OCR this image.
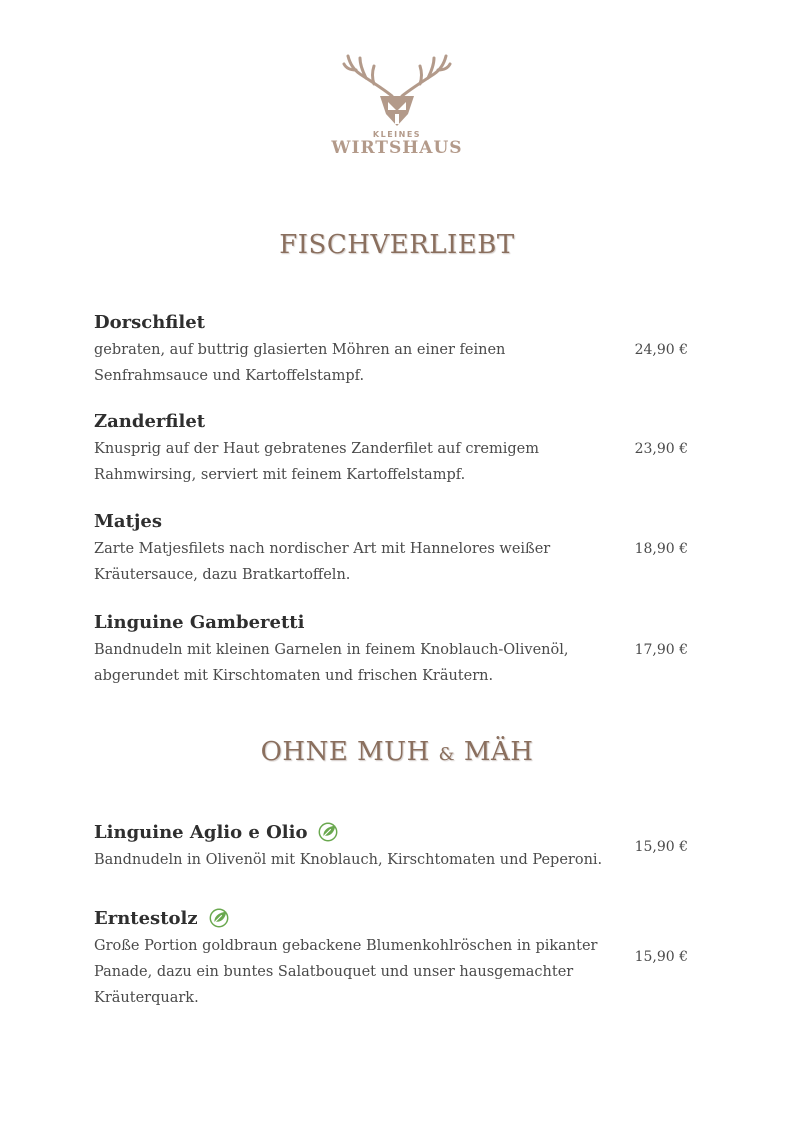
KLEINES
WIRTSHAUS
FISCHVERLIEBT
Dorschfilet
gebraten, auf buttrig glasierten Möhren an einer feinen Senfrahmsauce und Kartoffelstampf.
24,90 €
Zanderfilet
Knusprig auf der Haut gebratenes Zanderfilet auf cremigem Rahmwirsing, serviert mit feinem Kartoffelstampf.
23,90 €
Matjes
Zarte Matjesfilets nach nordischer Art mit Hannelores weißer Kräutersauce, dazu Bratkartoffeln.
18,90 €
Linguine Gamberetti
Bandnudeln mit kleinen Garnelen in feinem Knoblauch-Olivenöl, abgerundet mit Kirschtomaten und frischen Kräutern.
17,90 €
OHNE MUH & MÄH
Linguine Aglio e Olio
Bandnudeln in Olivenöl mit Knoblauch, Kirschtomaten und Peperoni.
15,90 €
Erntestolz
Große Portion goldbraun gebackene Blumenkohlröschen in pikanter Panade, dazu ein buntes Salatbouquet und unser hausgemachter Kräuterquark.
15,90 €
